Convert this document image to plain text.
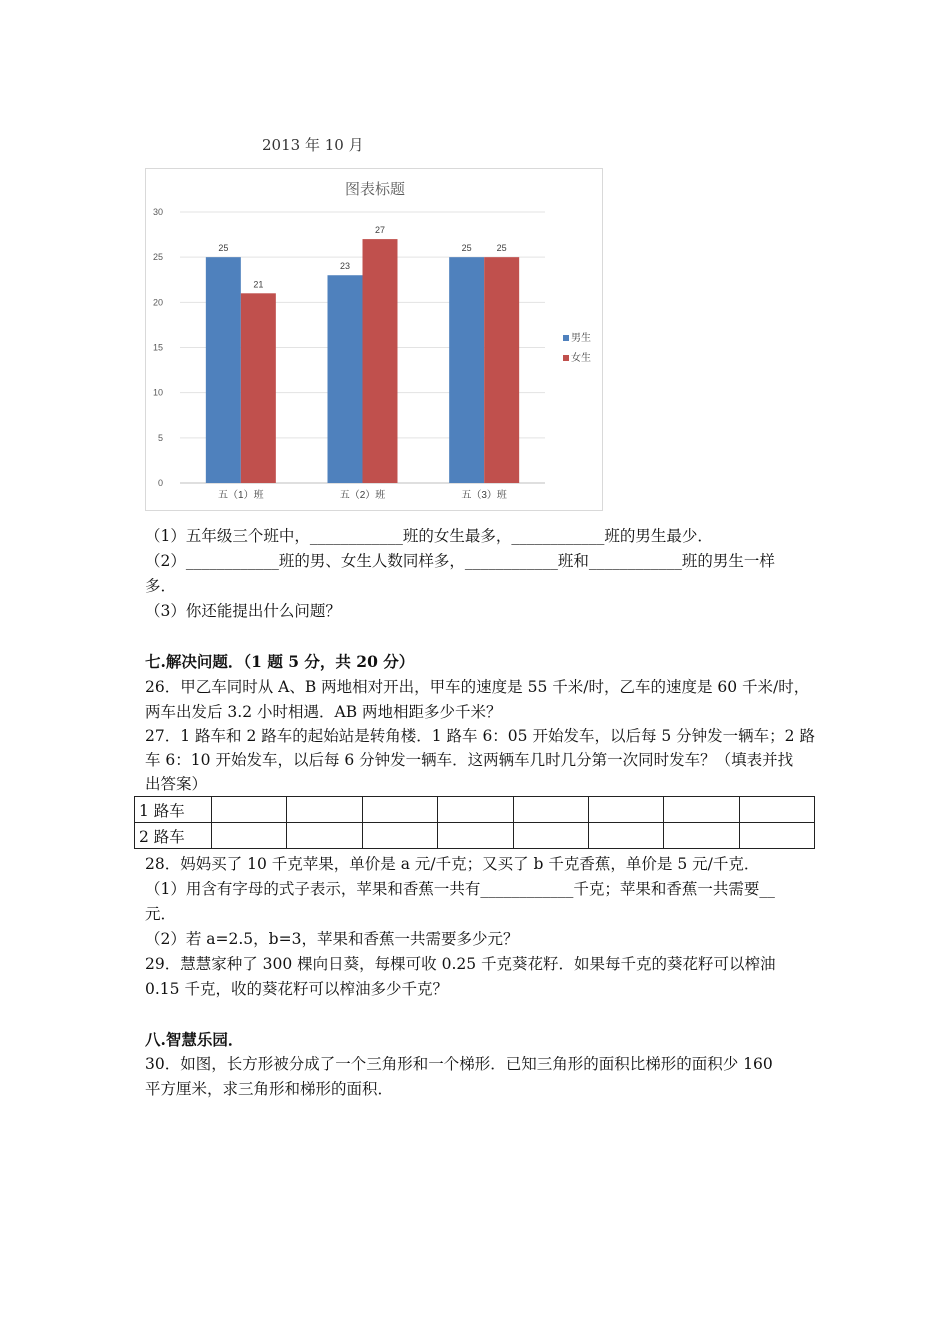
2013 年 10 月
图表标题
0
5
10
15
20
25
30
25
21
五（1）班
23
27
五（2）班
25	25
五（3）班
男生
女生
（1）五年级三个班中，____________班的女生最多，____________班的男生最少．
（2）____________班的男、女生人数同样多，____________班和____________班的男生一样
多．
（3）你还能提出什么问题？
七.解决问题．（1 题 5 分，共 20 分）
26．甲乙车同时从 A、B 两地相对开出，甲车的速度是 55 千米/时，乙车的速度是 60 千米/时，
两车出发后 3.2 小时相遇．AB 两地相距多少千米？
27．1 路车和 2 路车的起始站是转角楼．1 路车 6：05 开始发车，以后每 5 分钟发一辆车；2 路
车 6：10 开始发车，以后每 6 分钟发一辆车．这两辆车几时几分第一次同时发车？（填表并找
出答案）
1 路车								
2 路车								
28．妈妈买了 10 千克苹果，单价是 a 元/千克；又买了 b 千克香蕉，单价是 5 元/千克．
（1）用含有字母的式子表示，苹果和香蕉一共有____________千克；苹果和香蕉一共需要__
元．
（2）若 a=2.5，b=3，苹果和香蕉一共需要多少元？
29．慧慧家种了 300 棵向日葵，每棵可收 0.25 千克葵花籽．如果每千克的葵花籽可以榨油
0.15 千克，收的葵花籽可以榨油多少千克？
八.智慧乐园．
30．如图，长方形被分成了一个三角形和一个梯形．已知三角形的面积比梯形的面积少 160
平方厘米，求三角形和梯形的面积．
